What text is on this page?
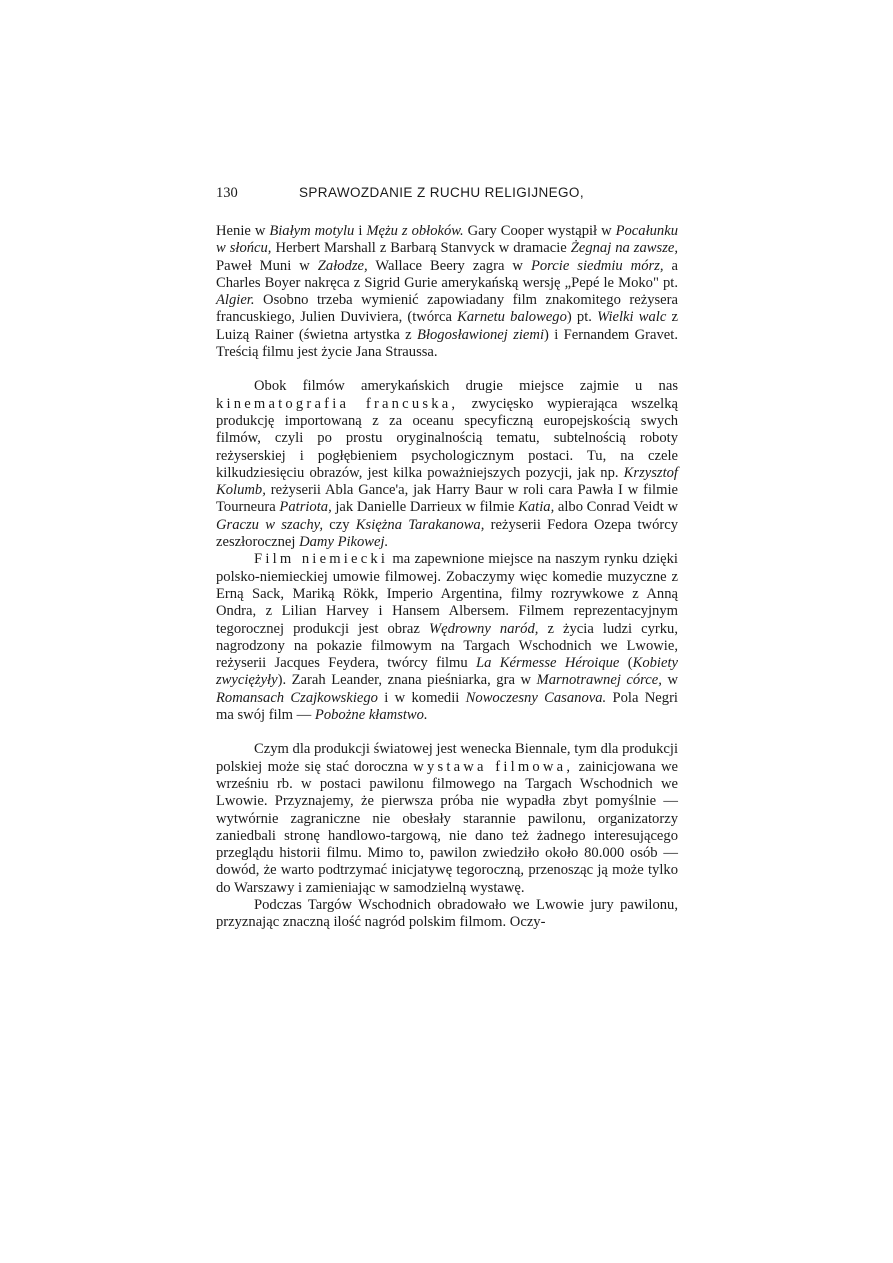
130	SPRAWOZDANIE Z RUCHU RELIGIJNEGO,

Henie w Białym motylu i Mężu z obłoków. Gary Cooper wystąpił w Pocałunku w słońcu, Herbert Marshall z Barbarą Stanvyck w dramacie Żegnaj na zawsze, Paweł Muni w Załodze, Wallace Beery zagra w Porcie siedmiu mórz, a Charles Boyer nakręca z Sigrid Gurie amerykańską wersję „Pepé le Moko" pt. Algier. Osobno trzeba wymienić zapowiadany film znakomitego reżysera francuskiego, Julien Duviviera, (twórca Karnetu balowego) pt. Wielki walc z Luizą Rainer (świetna artystka z Błogosławionej ziemi) i Fernandem Gravet. Treścią filmu jest życie Jana Straussa.

Obok filmów amerykańskich drugie miejsce zajmie u nas kinematografia francuska, zwycięsko wypierająca wszelką produkcję importowaną z za oceanu specyficzną europejskością swych filmów, czyli po prostu oryginalnością tematu, subtelnością roboty reżyserskiej i pogłębieniem psychologicznym postaci. Tu, na czele kilkudziesięciu obrazów, jest kilka poważniejszych pozycji, jak np. Krzysztof Kolumb, reżyserii Abla Gance'a, jak Harry Baur w roli cara Pawła I w filmie Tourneura Patriota, jak Danielle Darrieux w filmie Katia, albo Conrad Veidt w Graczu w szachy, czy Księżna Tarakanowa, reżyserii Fedora Ozepa twórcy zeszłorocznej Damy Pikowej.

Film niemiecki ma zapewnione miejsce na naszym rynku dzięki polsko-niemieckiej umowie filmowej. Zobaczymy więc komedie muzyczne z Erną Sack, Mariką Rökk, Imperio Argentina, filmy rozrywkowe z Anną Ondra, z Lilian Harvey i Hansem Albersem. Filmem reprezentacyjnym tegorocznej produkcji jest obraz Wędrowny naród, z życia ludzi cyrku, nagrodzony na pokazie filmowym na Targach Wschodnich we Lwowie, reżyserii Jacques Feydera, twórcy filmu La Kérmesse Héroique (Kobiety zwyciężyły). Zarah Leander, znana pieśniarka, gra w Marnotrawnej córce, w Romansach Czajkowskiego i w komedii Nowoczesny Casanova. Pola Negri ma swój film — Pobożne kłamstwo.

Czym dla produkcji światowej jest wenecka Biennale, tym dla produkcji polskiej może się stać doroczna wystawa filmowa, zainicjowana we wrześniu rb. w postaci pawilonu filmowego na Targach Wschodnich we Lwowie. Przyznajemy, że pierwsza próba nie wypadła zbyt pomyślnie — wytwórnie zagraniczne nie obesłały starannie pawilonu, organizatorzy zaniedbali stronę handlowo-targową, nie dano też żadnego interesującego przeglądu historii filmu. Mimo to, pawilon zwiedziło około 80.000 osób — dowód, że warto podtrzymać inicjatywę tegoroczną, przenosząc ją może tylko do Warszawy i zamieniając w samodzielną wystawę.

Podczas Targów Wschodnich obradowało we Lwowie jury pawilonu, przyznając znaczną ilość nagród polskim filmom. Oczy-
